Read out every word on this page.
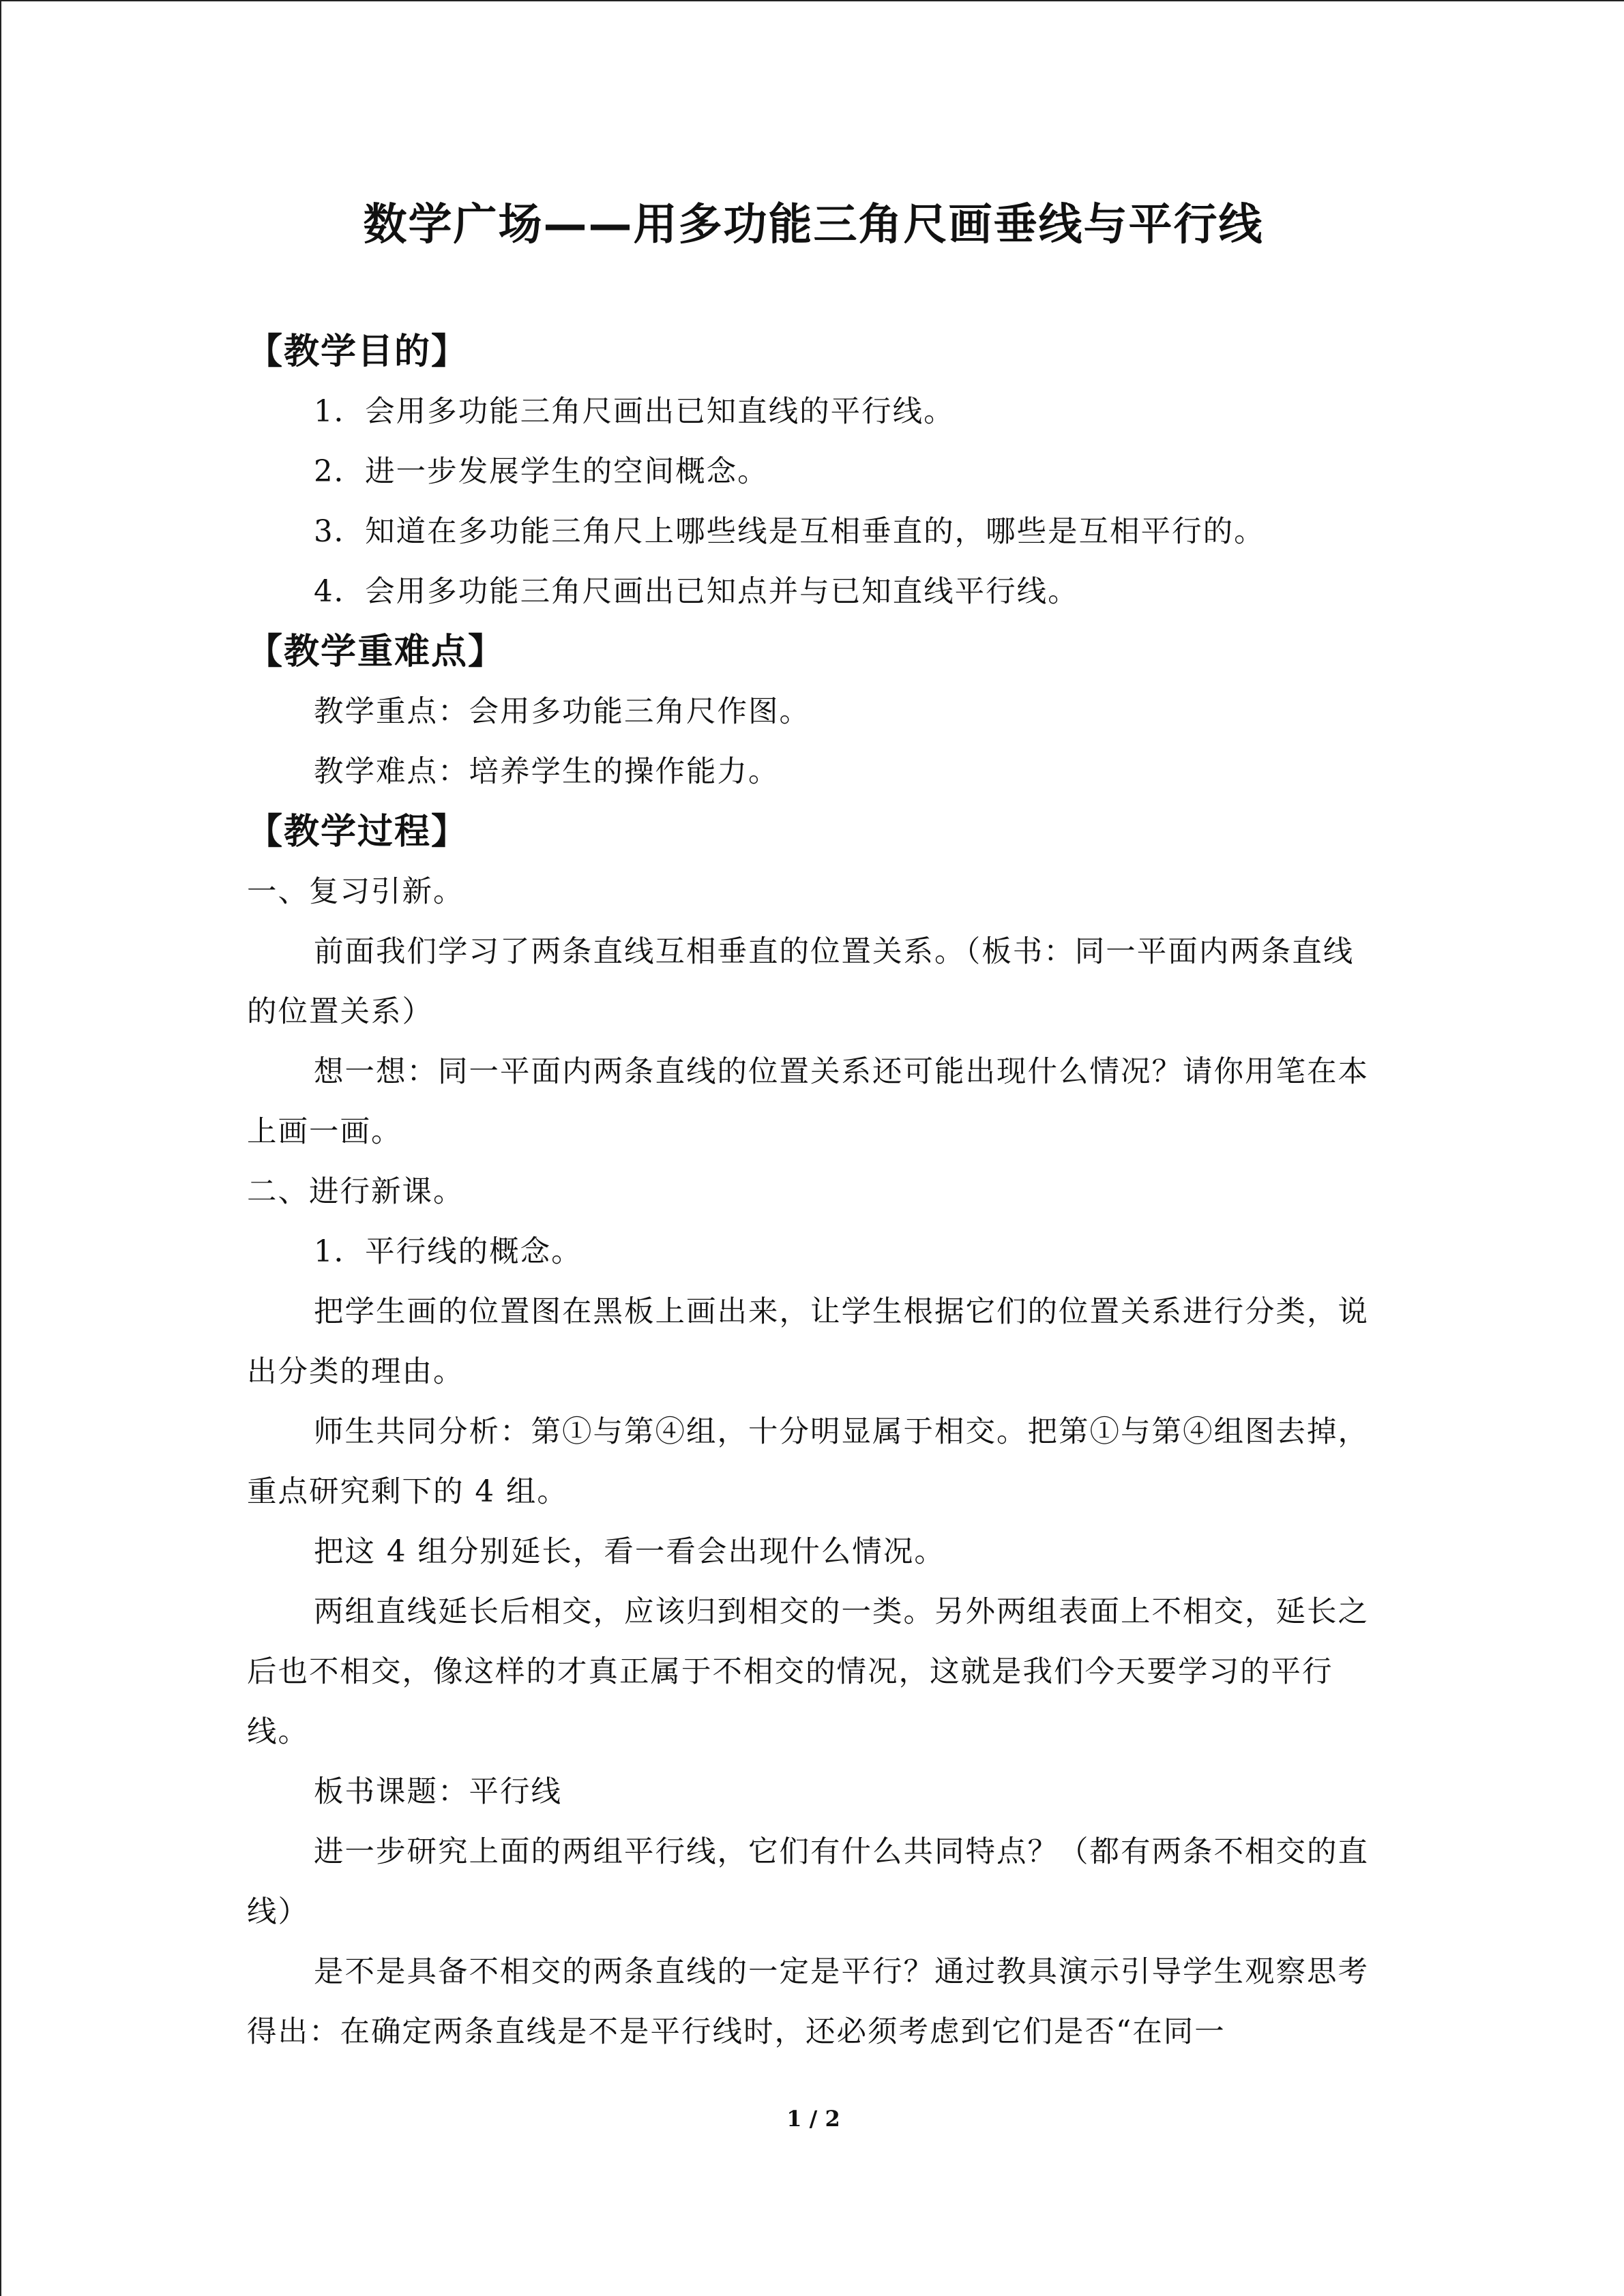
数学广场——用多功能三角尺画垂线与平行线

【教学目的】

1．会用多功能三角尺画出已知直线的平行线。

2．进一步发展学生的空间概念。

3．知道在多功能三角尺上哪些线是互相垂直的，哪些是互相平行的。

4．会用多功能三角尺画出已知点并与已知直线平行线。

【教学重难点】

教学重点：会用多功能三角尺作图。

教学难点：培养学生的操作能力。

【教学过程】

一、复习引新。

前面我们学习了两条直线互相垂直的位置关系。（板书：同一平面内两条直线的位置关系）

想一想：同一平面内两条直线的位置关系还可能出现什么情况？请你用笔在本上画一画。

二、进行新课。

1．平行线的概念。

把学生画的位置图在黑板上画出来，让学生根据它们的位置关系进行分类，说出分类的理由。

师生共同分析：第①与第④组，十分明显属于相交。把第①与第④组图去掉，重点研究剩下的 4 组。

把这 4 组分别延长，看一看会出现什么情况。

两组直线延长后相交，应该归到相交的一类。另外两组表面上不相交，延长之后也不相交，像这样的才真正属于不相交的情况，这就是我们今天要学习的平行线。

板书课题：平行线

进一步研究上面的两组平行线，它们有什么共同特点？（都有两条不相交的直线）

是不是具备不相交的两条直线的一定是平行？通过教具演示引导学生观察思考得出：在确定两条直线是不是平行线时，还必须考虑到它们是否“在同一

1 / 2
